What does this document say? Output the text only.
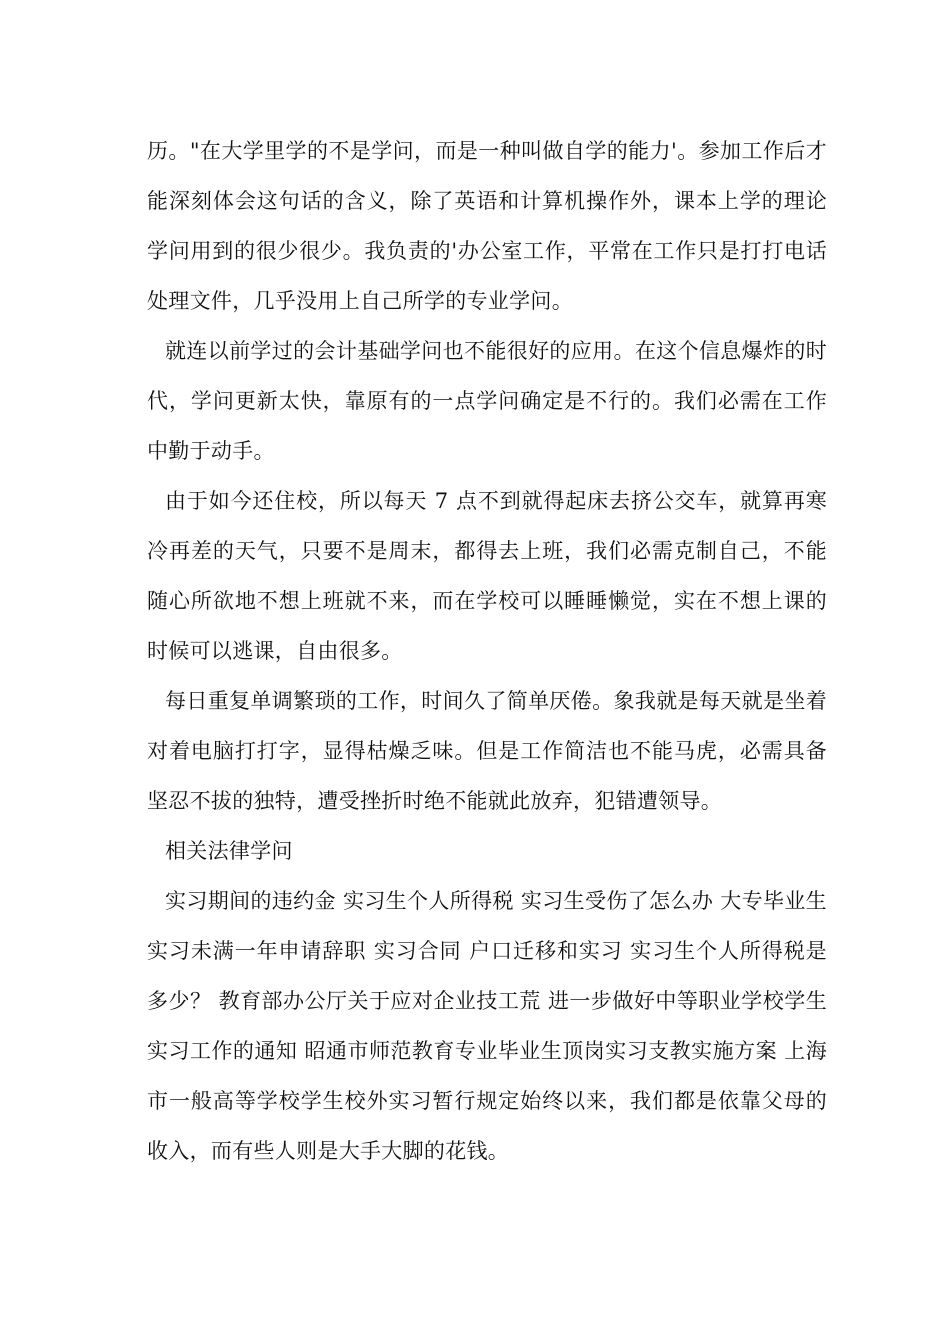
历。"在大学里学的不是学问，而是一种叫做自学的能力'。参加工作后才能深刻体会这句话的含义，除了英语和计算机操作外，课本上学的理论学问用到的很少很少。我负责的'办公室工作，平常在工作只是打打电话处理文件，几乎没用上自己所学的专业学问。

就连以前学过的会计基础学问也不能很好的应用。在这个信息爆炸的时代，学问更新太快，靠原有的一点学问确定是不行的。我们必需在工作中勤于动手。

由于如今还住校，所以每天 7 点不到就得起床去挤公交车，就算再寒冷再差的天气，只要不是周末，都得去上班，我们必需克制自己，不能随心所欲地不想上班就不来，而在学校可以睡睡懒觉，实在不想上课的时候可以逃课，自由很多。

每日重复单调繁琐的工作，时间久了简单厌倦。象我就是每天就是坐着对着电脑打打字，显得枯燥乏味。但是工作简洁也不能马虎，必需具备坚忍不拔的独特，遭受挫折时绝不能就此放弃，犯错遭领导。

相关法律学问

实习期间的违约金 实习生个人所得税 实习生受伤了怎么办 大专毕业生实习未满一年申请辞职 实习合同 户口迁移和实习 实习生个人所得税是多少？ 教育部办公厅关于应对企业技工荒 进一步做好中等职业学校学生实习工作的通知 昭通市师范教育专业毕业生顶岗实习支教实施方案 上海市一般高等学校学生校外实习暂行规定始终以来，我们都是依靠父母的收入，而有些人则是大手大脚的花钱。
